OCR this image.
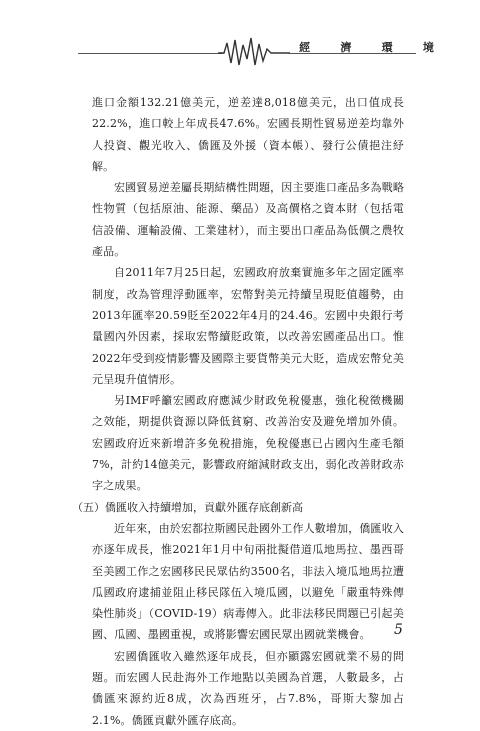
經	濟	環	境

進口金額132.21億美元，逆差達8,018億美元，出口值成長22.2%，進口較上年成長47.6%。宏國長期性貿易逆差均靠外人投資、觀光收入、僑匯及外援（資本帳）、發行公債挹注紓解。

宏國貿易逆差屬長期結構性問題，因主要進口產品多為戰略性物質（包括原油、能源、藥品）及高價格之資本財（包括電信設備、運輸設備、工業建材），而主要出口產品為低價之農牧產品。

自2011年7月25日起，宏國政府放棄實施多年之固定匯率制度，改為管理浮動匯率，宏幣對美元持續呈現貶值趨勢，由2013年匯率20.59貶至2022年4月的24.46。宏國中央銀行考量國內外因素，採取宏幣續貶政策，以改善宏國產品出口。惟2022年受到疫情影響及國際主要貨幣美元大貶，造成宏幣兌美元呈現升值情形。

另IMF呼籲宏國政府應減少財政免稅優惠，強化稅徵機關之效能，期提供資源以降低貧窮、改善治安及避免增加外債。宏國政府近來新增許多免稅措施，免稅優惠已占國內生產毛額7%，計約14億美元，影響政府縮減財政支出，弱化改善財政赤字之成果。

（五）僑匯收入持續增加，貢獻外匯存底創新高

近年來，由於宏都拉斯國民赴國外工作人數增加，僑匯收入亦逐年成長，惟2021年1月中旬兩批擬借道瓜地馬拉、墨西哥至美國工作之宏國移民民眾估約3500名，非法入境瓜地馬拉遭瓜國政府逮捕並阻止移民隊伍入境瓜國，以避免「嚴重特殊傳染性肺炎」（COVID-19）病毒傳入。此非法移民問題已引起美國、瓜國、墨國重視，或將影響宏國民眾出國就業機會。

宏國僑匯收入雖然逐年成長，但亦顯露宏國就業不易的問題。而宏國人民赴海外工作地點以美國為首選，人數最多，占僑匯來源約近8成，次為西班牙，占7.8%，哥斯大黎加占2.1%。僑匯貢獻外匯存底高。

5
